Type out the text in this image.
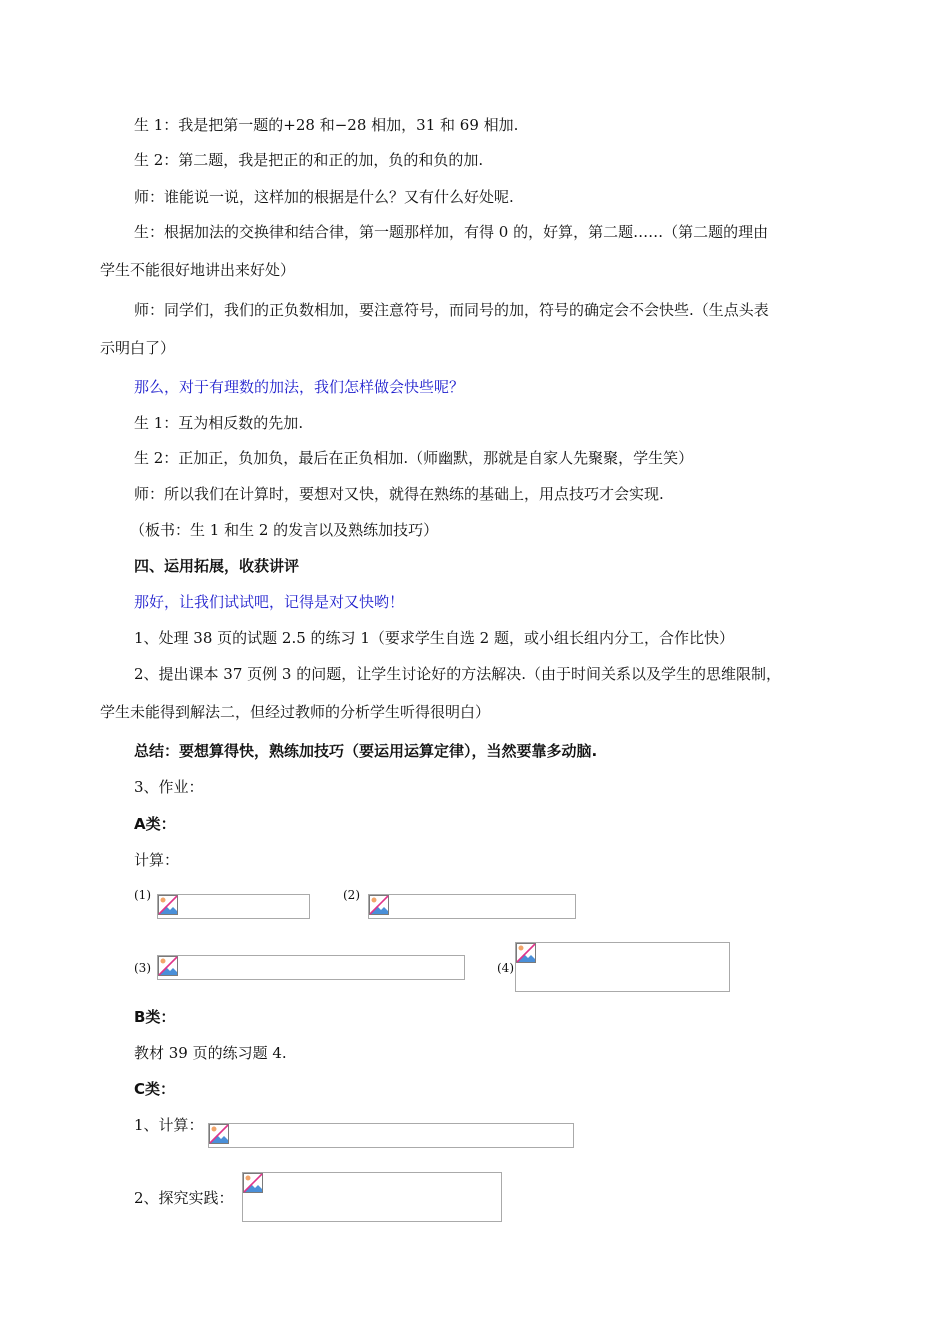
生 1：我是把第一题的+28 和−28 相加，31 和 69 相加.
生 2：第二题，我是把正的和正的加，负的和负的加.
师：谁能说一说，这样加的根据是什么？又有什么好处呢.

生：根据加法的交换律和结合律，第一题那样加，有得 0 的，好算，第二题……（第二题的理由

学生不能很好地讲出来好处）

师：同学们，我们的正负数相加，要注意符号，而同号的加，符号的确定会不会快些.（生点头表

示明白了）

那么，对于有理数的加法，我们怎样做会快些呢？
生 1：互为相反数的先加.
生 2：正加正，负加负，最后在正负相加.（师幽默，那就是自家人先聚聚，学生笑）
师：所以我们在计算时，要想对又快，就得在熟练的基础上，用点技巧才会实现.
（板书：生 1 和生 2 的发言以及熟练加技巧）
四、运用拓展，收获讲评
那好，让我们试试吧，记得是对又快哟！
1、处理 38 页的试题 2.5 的练习 1（要求学生自选 2 题，或小组长组内分工，合作比快）

2、提出课本 37 页例 3 的问题，让学生讨论好的方法解决.（由于时间关系以及学生的思维限制，

学生未能得到解法二，但经过教师的分析学生听得很明白）

总结：要想算得快，熟练加技巧（要运用运算定律），当然要靠多动脑.
3、作业：
A类：
计算：
(1)	(2)
(3)	(4)
B类：
教材 39 页的练习题 4.
C类：
1、计算：
2、探究实践：
